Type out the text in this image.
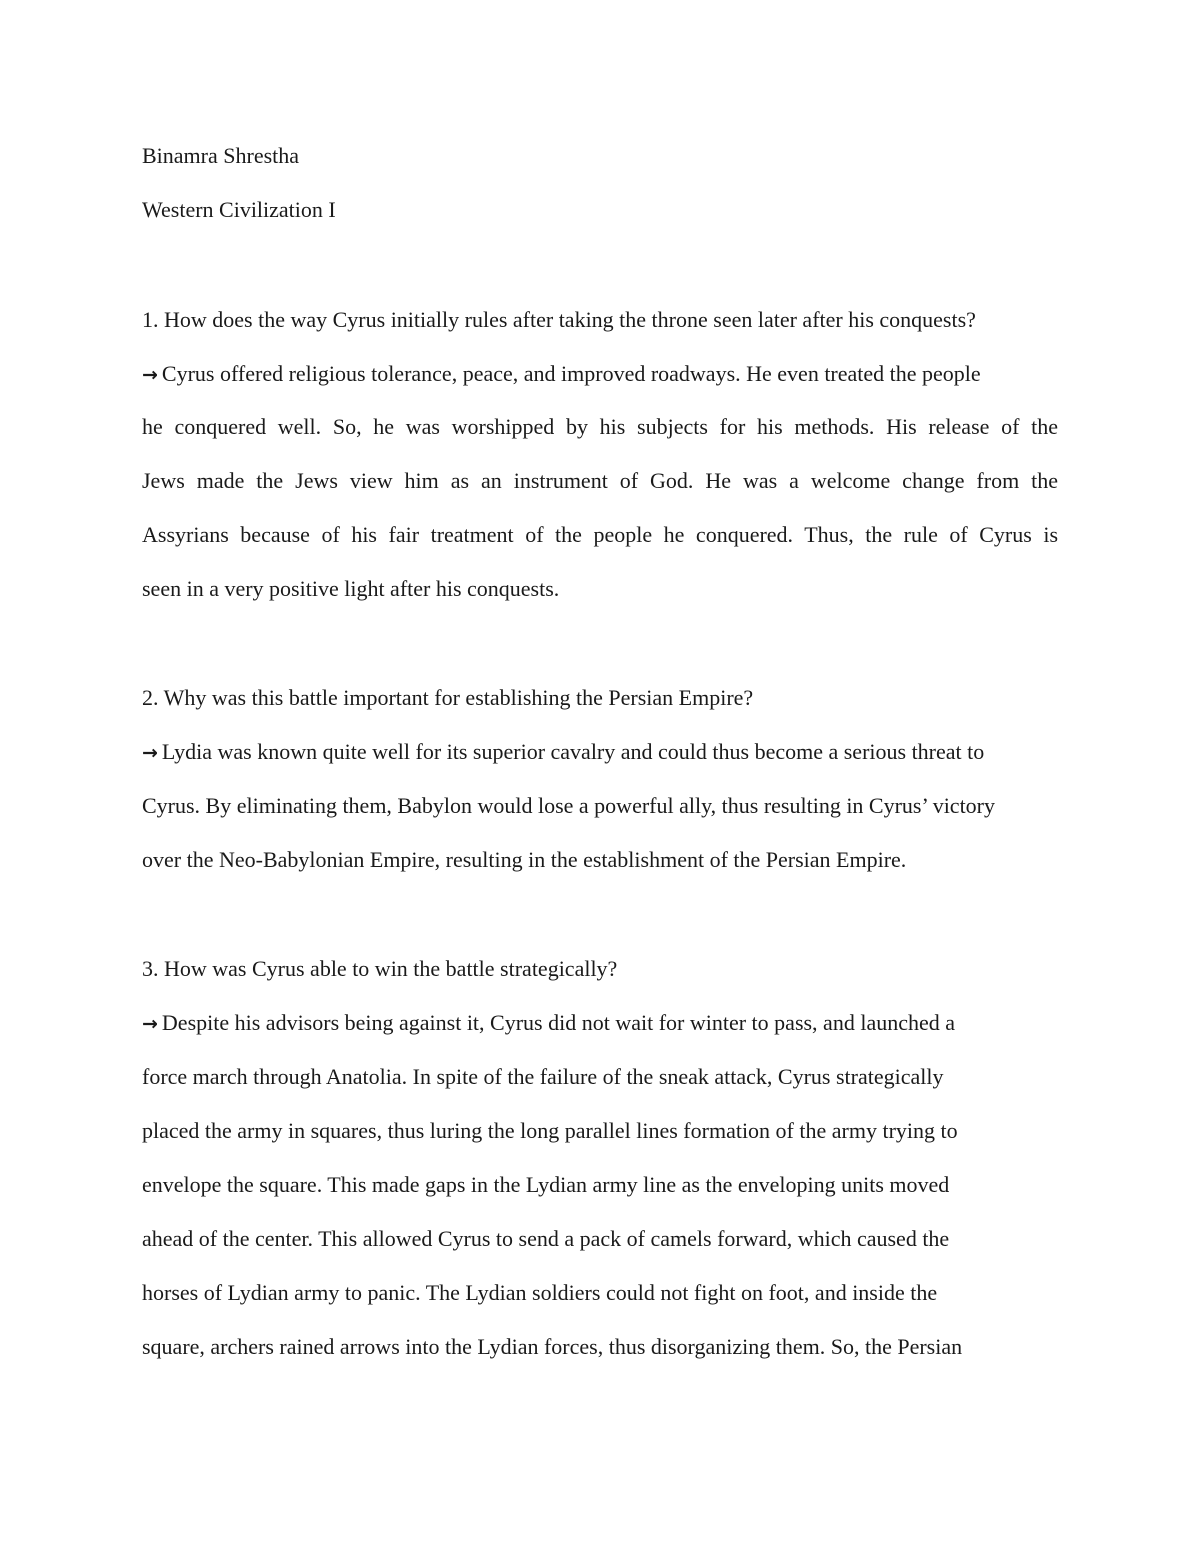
Binamra Shrestha
Western Civilization I
1. How does the way Cyrus initially rules after taking the throne seen later after his conquests?
→ Cyrus offered religious tolerance, peace, and improved roadways. He even treated the people
he conquered well. So, he was worshipped by his subjects for his methods. His release of the
Jews made the Jews view him as an instrument of God. He was a welcome change from the
Assyrians because of his fair treatment of the people he conquered. Thus, the rule of Cyrus is
seen in a very positive light after his conquests.
2. Why was this battle important for establishing the Persian Empire?
→ Lydia was known quite well for its superior cavalry and could thus become a serious threat to
Cyrus. By eliminating them, Babylon would lose a powerful ally, thus resulting in Cyrus’ victory
over the Neo-Babylonian Empire, resulting in the establishment of the Persian Empire.
3. How was Cyrus able to win the battle strategically?
→ Despite his advisors being against it, Cyrus did not wait for winter to pass, and launched a
force march through Anatolia. In spite of the failure of the sneak attack, Cyrus strategically
placed the army in squares, thus luring the long parallel lines formation of the army trying to
envelope the square. This made gaps in the Lydian army line as the enveloping units moved
ahead of the center. This allowed Cyrus to send a pack of camels forward, which caused the
horses of Lydian army to panic. The Lydian soldiers could not fight on foot, and inside the
square, archers rained arrows into the Lydian forces, thus disorganizing them. So, the Persian
